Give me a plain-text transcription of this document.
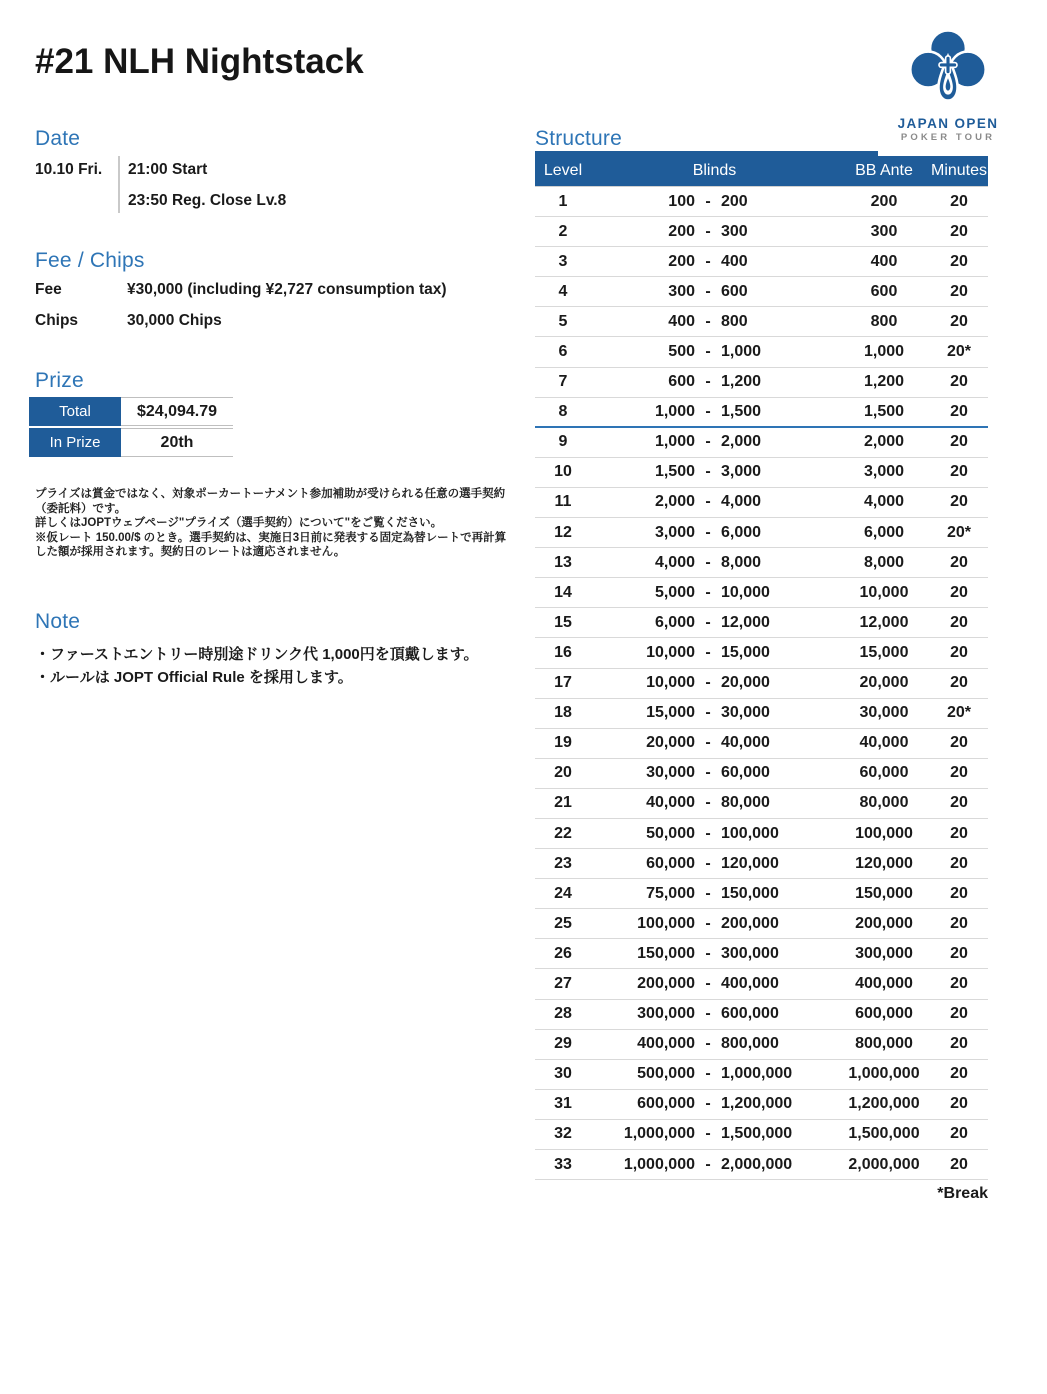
#21 NLH Nightstack
JAPAN OPEN
POKER TOUR
Date
10.10 Fri. 21:00 Start
23:50 Reg. Close Lv.8
Fee / Chips
Fee	¥30,000 (including ¥2,727 consumption tax)
Chips	30,000 Chips
Prize
Total	$24,094.79
In Prize	20th

プライズは賞金ではなく、対象ポーカートーナメント参加補助が受けられる任意の選手契約（委託料）です。

詳しくはJOPTウェブページ"プライズ（選手契約）について"をご覧ください。

※仮レート 150.00/$ のとき。選手契約は、実施日3日前に発表する固定為替レートで再計算した額が採用されます。契約日のレートは適応されません。

Note
・ファーストエントリー時別途ドリンク代 1,000円を頂戴します。
・ルールは JOPT Official Rule を採用します。
Structure
Level	Blinds	BB Ante	Minutes
1	100 - 200	200	20
2	200 - 300	300	20
3	200 - 400	400	20
4	300 - 600	600	20
5	400 - 800	800	20
6	500 - 1,000	1,000	20*
7	600 - 1,200	1,200	20
8	1,000 - 1,500	1,500	20
9	1,000 - 2,000	2,000	20
10	1,500 - 3,000	3,000	20
11	2,000 - 4,000	4,000	20
12	3,000 - 6,000	6,000	20*
13	4,000 - 8,000	8,000	20
14	5,000 - 10,000	10,000	20
15	6,000 - 12,000	12,000	20
16	10,000 - 15,000	15,000	20
17	10,000 - 20,000	20,000	20
18	15,000 - 30,000	30,000	20*
19	20,000 - 40,000	40,000	20
20	30,000 - 60,000	60,000	20
21	40,000 - 80,000	80,000	20
22	50,000 - 100,000	100,000	20
23	60,000 - 120,000	120,000	20
24	75,000 - 150,000	150,000	20
25	100,000 - 200,000	200,000	20
26	150,000 - 300,000	300,000	20
27	200,000 - 400,000	400,000	20
28	300,000 - 600,000	600,000	20
29	400,000 - 800,000	800,000	20
30	500,000 - 1,000,000	1,000,000	20
31	600,000 - 1,200,000	1,200,000	20
32	1,000,000 - 1,500,000	1,500,000	20
33	1,000,000 - 2,000,000	2,000,000	20
*Break
